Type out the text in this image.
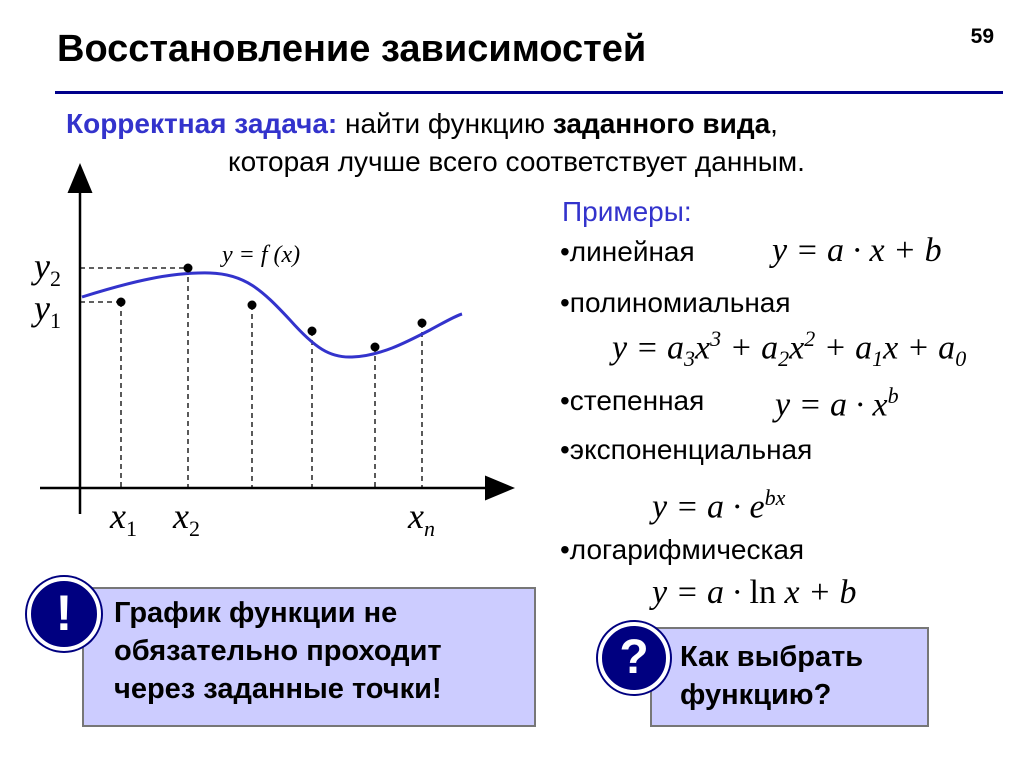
Восстановление зависимостей	59
Корректная задача: найти функцию заданного вида,
которая лучше всего соответствует данным.
y = f (x)
$y_2$
$y_1$
$x_1$ $x_2$	$x_n$
Примеры:
•линейная y = a · x + b
•полиномиальная
$y = a_3x^3 + a_2x^2 + a_1x + a_0$
•степенная $y = a \cdot x^b$
•экспоненциальная
$y = a \cdot e^{bx}$
•логарифмическая
y = a · ln x + b
График функции не
обязательно проходит
через заданные точки!
!
Как выбрать
функцию?
?
